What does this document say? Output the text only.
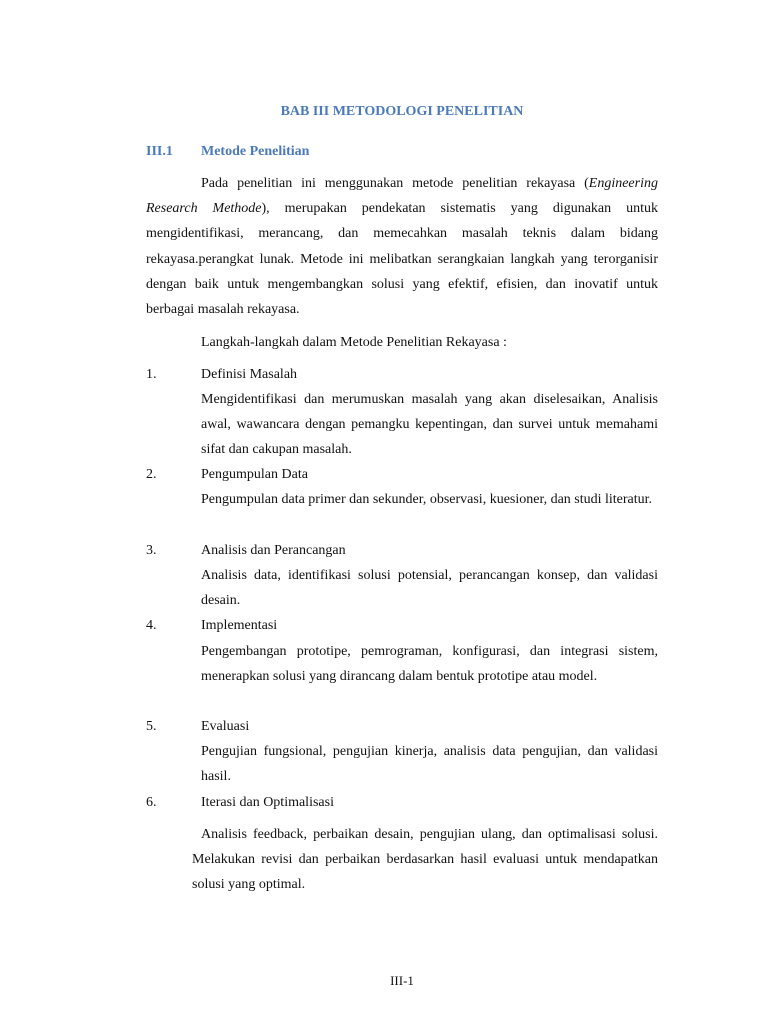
BAB III METODOLOGI PENELITIAN
III.1 Metode Penelitian

Pada penelitian ini menggunakan metode penelitian rekayasa (Engineering Research Methode), merupakan pendekatan sistematis yang digunakan untuk mengidentifikasi, merancang, dan memecahkan masalah teknis dalam bidang rekayasa.perangkat lunak. Metode ini melibatkan serangkaian langkah yang terorganisir dengan baik untuk mengembangkan solusi yang efektif, efisien, dan inovatif untuk berbagai masalah rekayasa.

Langkah-langkah dalam Metode Penelitian Rekayasa :

1.	Definisi Masalah

Mengidentifikasi dan merumuskan masalah yang akan diselesaikan, Analisis awal, wawancara dengan pemangku kepentingan, dan survei untuk memahami sifat dan cakupan masalah.

2.	Pengumpulan Data

Pengumpulan data primer dan sekunder, observasi, kuesioner, dan studi literatur.

3.	Analisis dan Perancangan

Analisis data, identifikasi solusi potensial, perancangan konsep, dan validasi desain.

4.	Implementasi

Pengembangan prototipe, pemrograman, konfigurasi, dan integrasi sistem, menerapkan solusi yang dirancang dalam bentuk prototipe atau model.

5.	Evaluasi

Pengujian fungsional, pengujian kinerja, analisis data pengujian, dan validasi hasil.

6.	Iterasi dan Optimalisasi

Analisis feedback, perbaikan desain, pengujian ulang, dan optimalisasi solusi. Melakukan revisi dan perbaikan berdasarkan hasil evaluasi untuk mendapatkan solusi yang optimal.

III-1
